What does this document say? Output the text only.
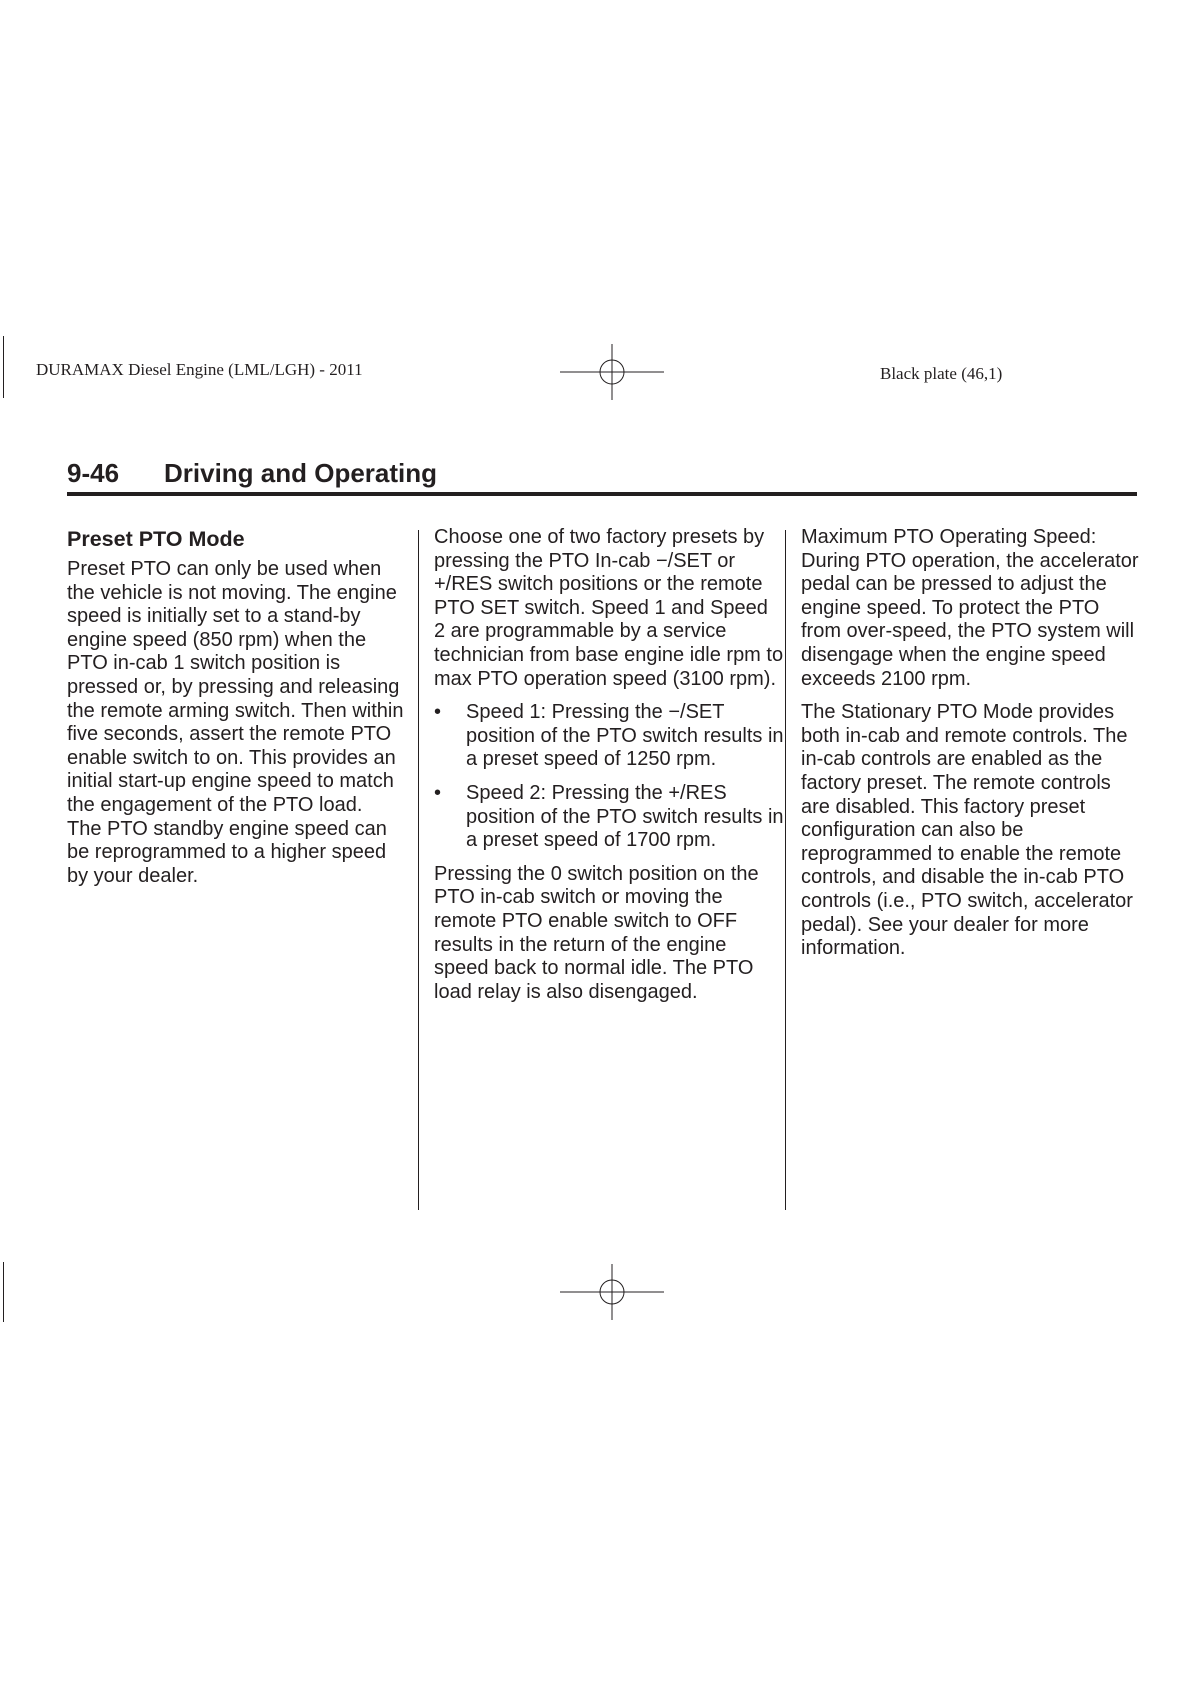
DURAMAX Diesel Engine (LML/LGH) - 2011	Black plate (46,1)
9-46 Driving and Operating
Preset PTO Mode

Preset PTO can only be used when the vehicle is not moving. The engine speed is initially set to a stand-by engine speed (850 rpm) when the PTO in-cab 1 switch position is pressed or, by pressing and releasing the remote arming switch. Then within five seconds, assert the remote PTO enable switch to on. This provides an initial start-up engine speed to match the engagement of the PTO load.

The PTO standby engine speed can be reprogrammed to a higher speed by your dealer.

Choose one of two factory presets by pressing the PTO In-cab −/SET or +/RES switch positions or the remote PTO SET switch. Speed 1 and Speed 2 are programmable by a service technician from base engine idle rpm to max PTO operation speed (3100 rpm).

• Speed 1: Pressing the −/SET position of the PTO switch results in a preset speed of 1250 rpm.
• Speed 2: Pressing the +/RES position of the PTO switch results in a preset speed of 1700 rpm.

Pressing the 0 switch position on the PTO in-cab switch or moving the remote PTO enable switch to OFF results in the return of the engine speed back to normal idle. The PTO load relay is also disengaged.

Maximum PTO Operating Speed: During PTO operation, the accelerator pedal can be pressed to adjust the engine speed. To protect the PTO from over-speed, the PTO system will disengage when the engine speed exceeds 2100 rpm.

The Stationary PTO Mode provides both in-cab and remote controls. The in-cab controls are enabled as the factory preset. The remote controls are disabled. This factory preset configuration can also be reprogrammed to enable the remote controls, and disable the in-cab PTO controls (i.e., PTO switch, accelerator pedal). See your dealer for more information.
